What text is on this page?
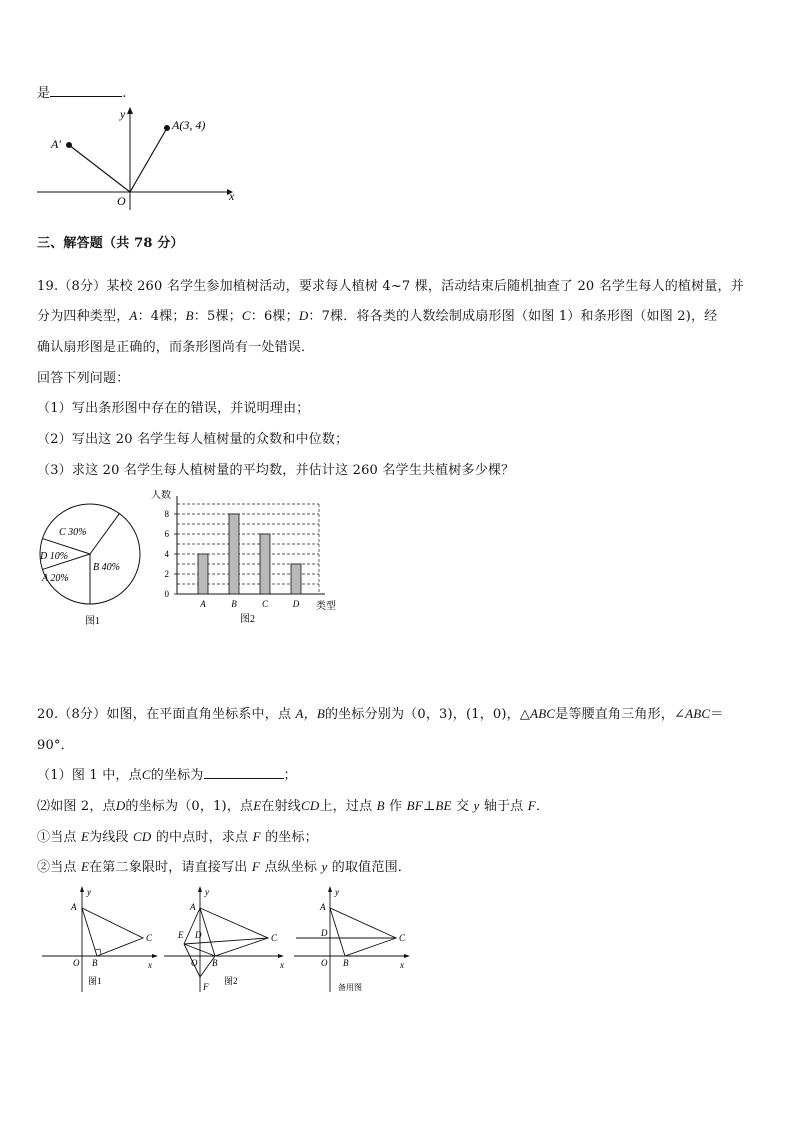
是	.
A(3, 4)
A′
y
x
O
三、解答题（共 78 分）
19.（8分）某校 260 名学生参加植树活动，要求每人植树 4~7 棵，活动结束后随机抽查了 20 名学生每人的植树量，并
分为四种类型，A：4棵；B：5棵；C：6棵；D：7棵．将各类的人数绘制成扇形图（如图 1）和条形图（如图 2)，经
确认扇形图是正确的，而条形图尚有一处错误．
回答下列问题：
（1）写出条形图中存在的错误，并说明理由；
（2）写出这 20 名学生每人植树量的众数和中位数；
（3）求这 20 名学生每人植树量的平均数，并估计这 260 名学生共植树多少棵？
C 30%
D 10%
A 20%
B 40%
图1
0
2
4
6
8
A	B	C	D
人数
类型
图2
20.（8分）如图，在平面直角坐标系中，点 A，B的坐标分别为（0，3)，(1，0)，△ABC是等腰直角三角形，∠ABC＝
90°．
（1）图 1 中，点C的坐标为	；
⑵如图 2，点D的坐标为（0，1)，点E在射线CD上，过点 B 作 BF⊥BE 交 y 轴于点 F．
①当点 E为线段 CD 的中点时，求点 F 的坐标；
②当点 E在第二象限时，请直接写出 F 点纵坐标 y 的取值范围．
A
B
C
O	x
y
图1
A
B
C
D
E
F
O	x
y
图2
A
B
C
D
O	x
y
备用图
